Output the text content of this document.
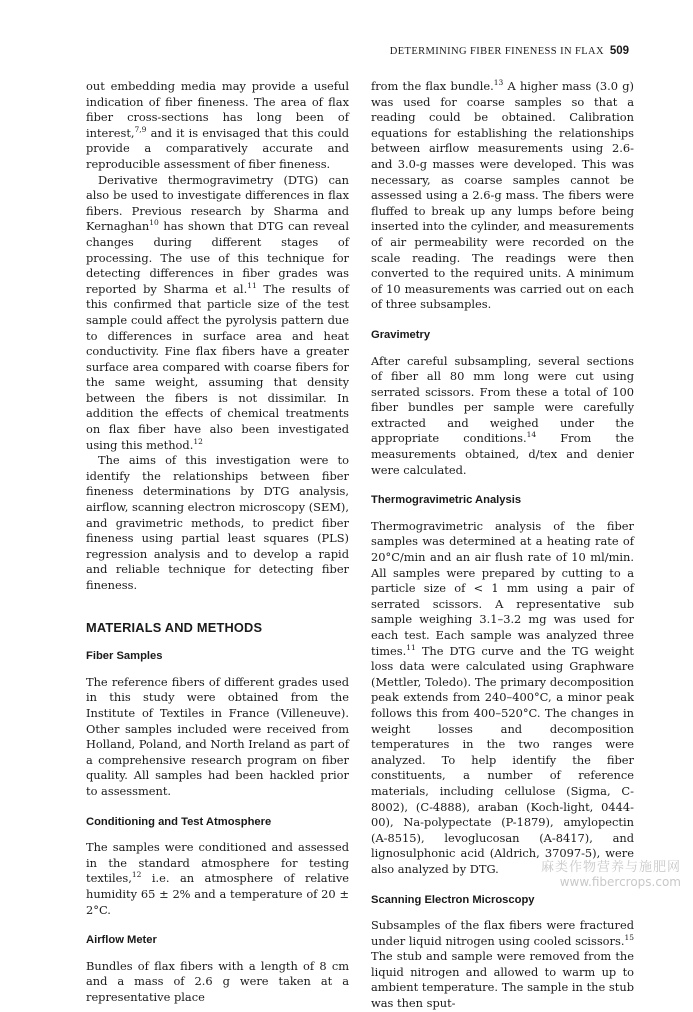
DETERMINING FIBER FINENESS IN FLAX 509

out embedding media may provide a useful indication of fiber fineness. The area of flax fiber cross-sections has long been of interest,$^{7,9}$ and it is envisaged that this could provide a comparatively accurate and reproducible assessment of fiber fineness.

Derivative thermogravimetry (DTG) can also be used to investigate differences in flax fibers. Previous research by Sharma and Kernaghan$^{10}$ has shown that DTG can reveal changes during different stages of processing. The use of this technique for detecting differences in fiber grades was reported by Sharma et al.$^{11}$ The results of this confirmed that particle size of the test sample could affect the pyrolysis pattern due to differences in surface area and heat conductivity. Fine flax fibers have a greater surface area compared with coarse fibers for the same weight, assuming that density between the fibers is not dissimilar. In addition the effects of chemical treatments on flax fiber have also been investigated using this method.$^{12}$

The aims of this investigation were to identify the relationships between fiber fineness determinations by DTG analysis, airflow, scanning electron microscopy (SEM), and gravimetric methods, to predict fiber fineness using partial least squares (PLS) regression analysis and to develop a rapid and reliable technique for detecting fiber fineness.

MATERIALS AND METHODS
Fiber Samples

The reference fibers of different grades used in this study were obtained from the Institute of Textiles in France (Villeneuve). Other samples included were received from Holland, Poland, and North Ireland as part of a comprehensive research program on fiber quality. All samples had been hackled prior to assessment.

Conditioning and Test Atmosphere

The samples were conditioned and assessed in the standard atmosphere for testing textiles,$^{12}$ i.e. an atmosphere of relative humidity 65 ± 2% and a temperature of 20 ± 2°C.

Airflow Meter

Bundles of flax fibers with a length of 8 cm and a mass of 2.6 g were taken at a representative place

from the flax bundle.$^{13}$ A higher mass (3.0 g) was used for coarse samples so that a reading could be obtained. Calibration equations for establishing the relationships between airflow measurements using 2.6- and 3.0-g masses were developed. This was necessary, as coarse samples cannot be assessed using a 2.6-g mass. The fibers were fluffed to break up any lumps before being inserted into the cylinder, and measurements of air permeability were recorded on the scale reading. The readings were then converted to the required units. A minimum of 10 measurements was carried out on each of three subsamples.

Gravimetry

After careful subsampling, several sections of fiber all 80 mm long were cut using serrated scissors. From these a total of 100 fiber bundles per sample were carefully extracted and weighed under the appropriate conditions.$^{14}$ From the measurements obtained, d/tex and denier were calculated.

Thermogravimetric Analysis

Thermogravimetric analysis of the fiber samples was determined at a heating rate of 20°C/min and an air flush rate of 10 ml/min. All samples were prepared by cutting to a particle size of < 1 mm using a pair of serrated scissors. A representative sub sample weighing 3.1–3.2 mg was used for each test. Each sample was analyzed three times.$^{11}$ The DTG curve and the TG weight loss data were calculated using Graphware (Mettler, Toledo). The primary decomposition peak extends from 240–400°C, a minor peak follows this from 400–520°C. The changes in weight losses and decomposition temperatures in the two ranges were analyzed. To help identify the fiber constituents, a number of reference materials, including cellulose (Sigma, C-8002), (C-4888), araban (Koch-light, 0444-00), Na-polypectate (P-1879), amylopectin (A-8515), levoglucosan (A-8417), and lignosulphonic acid (Aldrich, 37097-5), were also analyzed by DTG.

Scanning Electron Microscopy

Subsamples of the flax fibers were fractured under liquid nitrogen using cooled scissors.$^{15}$ The stub and sample were removed from the liquid nitrogen and allowed to warm up to ambient temperature. The sample in the stub was then sput-

麻类作物营养与施肥网
www.fibercrops.com
